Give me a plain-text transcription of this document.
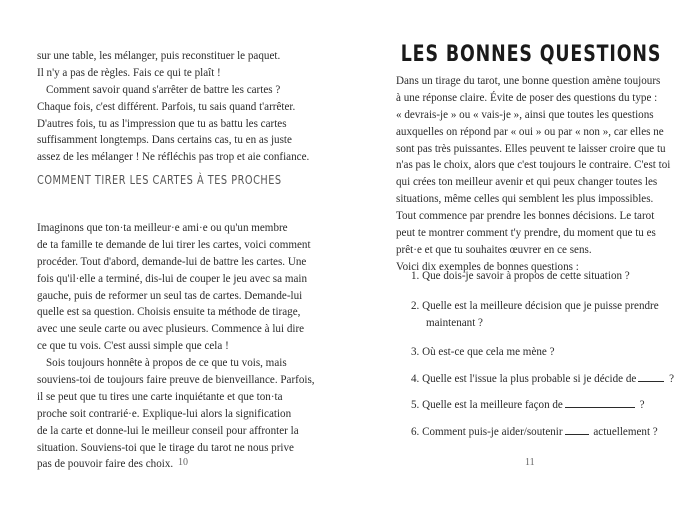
sur une table, les mélanger, puis reconstituer le paquet.
Il n'y a pas de règles. Fais ce qui te plaît !
Comment savoir quand s'arrêter de battre les cartes ?
Chaque fois, c'est différent. Parfois, tu sais quand t'arrêter.
D'autres fois, tu as l'impression que tu as battu les cartes
suffisamment longtemps. Dans certains cas, tu en as juste
assez de les mélanger ! Ne réfléchis pas trop et aie confiance.
COMMENT TIRER LES CARTES À TES PROCHES
Imaginons que ton·ta meilleur·e ami·e ou qu'un membre
de ta famille te demande de lui tirer les cartes, voici comment
procéder. Tout d'abord, demande-lui de battre les cartes. Une
fois qu'il·elle a terminé, dis-lui de couper le jeu avec sa main
gauche, puis de reformer un seul tas de cartes. Demande-lui
quelle est sa question. Choisis ensuite ta méthode de tirage,
avec une seule carte ou avec plusieurs. Commence à lui dire
ce que tu vois. C'est aussi simple que cela !
Sois toujours honnête à propos de ce que tu vois, mais
souviens-toi de toujours faire preuve de bienveillance. Parfois,
il se peut que tu tires une carte inquiétante et que ton·ta
proche soit contrarié·e. Explique-lui alors la signification
de la carte et donne-lui le meilleur conseil pour affronter la
situation. Souviens-toi que le tirage du tarot ne nous prive
pas de pouvoir faire des choix. 10
LES BONNES QUESTIONS
Dans un tirage du tarot, une bonne question amène toujours
à une réponse claire. Évite de poser des questions du type :
« devrais-je » ou « vais-je », ainsi que toutes les questions
auxquelles on répond par « oui » ou par « non », car elles ne
sont pas très puissantes. Elles peuvent te laisser croire que tu
n'as pas le choix, alors que c'est toujours le contraire. C'est toi
qui crées ton meilleur avenir et qui peux changer toutes les
situations, même celles qui semblent les plus impossibles.
Tout commence par prendre les bonnes décisions. Le tarot
peut te montrer comment t'y prendre, du moment que tu es
prêt·e et que tu souhaites œuvrer en ce sens.
Voici dix exemples de bonnes questions :
1. Que dois-je savoir à propos de cette situation ?
2. Quelle est la meilleure décision que je puisse prendre
maintenant ?
3. Où est-ce que cela me mène ?
4. Quelle est l'issue la plus probable si je décide de	?
5. Quelle est la meilleure façon de	?
6. Comment puis-je aider/soutenir	actuellement ?
11
